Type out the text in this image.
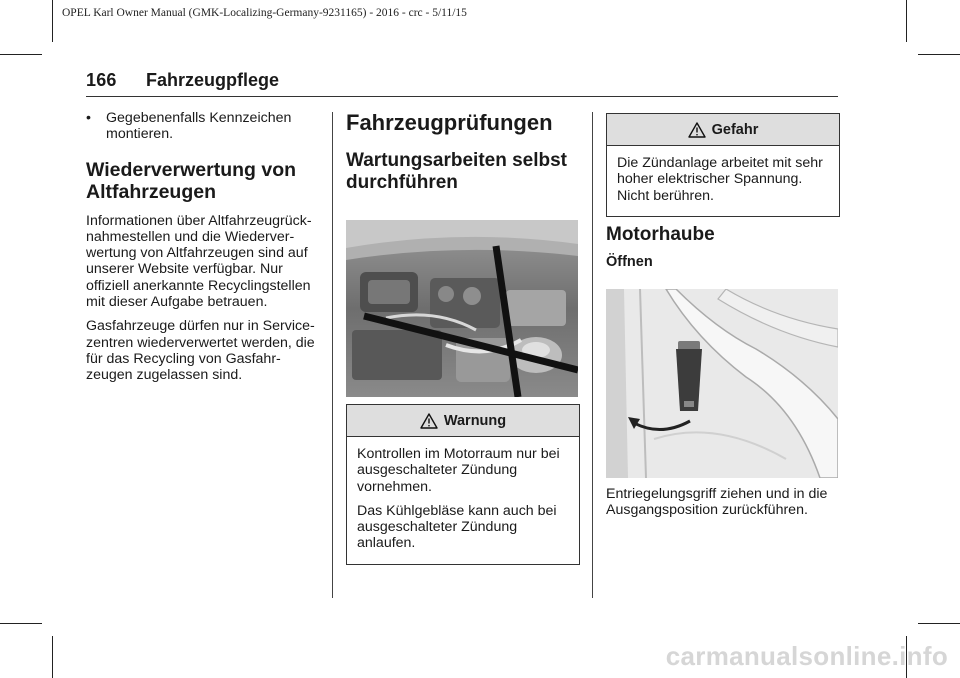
OPEL Karl Owner Manual (GMK-Localizing-Germany-9231165) - 2016 - crc - 5/11/15
166 Fahrzeugpflege
•	Gegebenenfalls Kennzeichen montieren.
Wiederverwertung von Altfahrzeugen

Informationen über Altfahrzeugrück-nahmestellen und die Wiederver-wertung von Altfahrzeugen sind auf unserer Website verfügbar. Nur offiziell anerkannte Recyclingstellen mit dieser Aufgabe betrauen.

Gasfahrzeuge dürfen nur in Service-zentren wiederverwertet werden, die für das Recycling von Gasfahr-zeugen zugelassen sind.

Fahrzeugprüfungen
Wartungsarbeiten selbst durchführen
Warnung

Kontrollen im Motorraum nur bei ausgeschalteter Zündung vornehmen.

Das Kühlgebläse kann auch bei ausgeschalteter Zündung anlaufen.

Gefahr

Die Zündanlage arbeitet mit sehr hoher elektrischer Spannung. Nicht berühren.

Motorhaube
Öffnen
Entriegelungsgriff ziehen und in die Ausgangsposition zurückführen.
carmanualsonline.info
